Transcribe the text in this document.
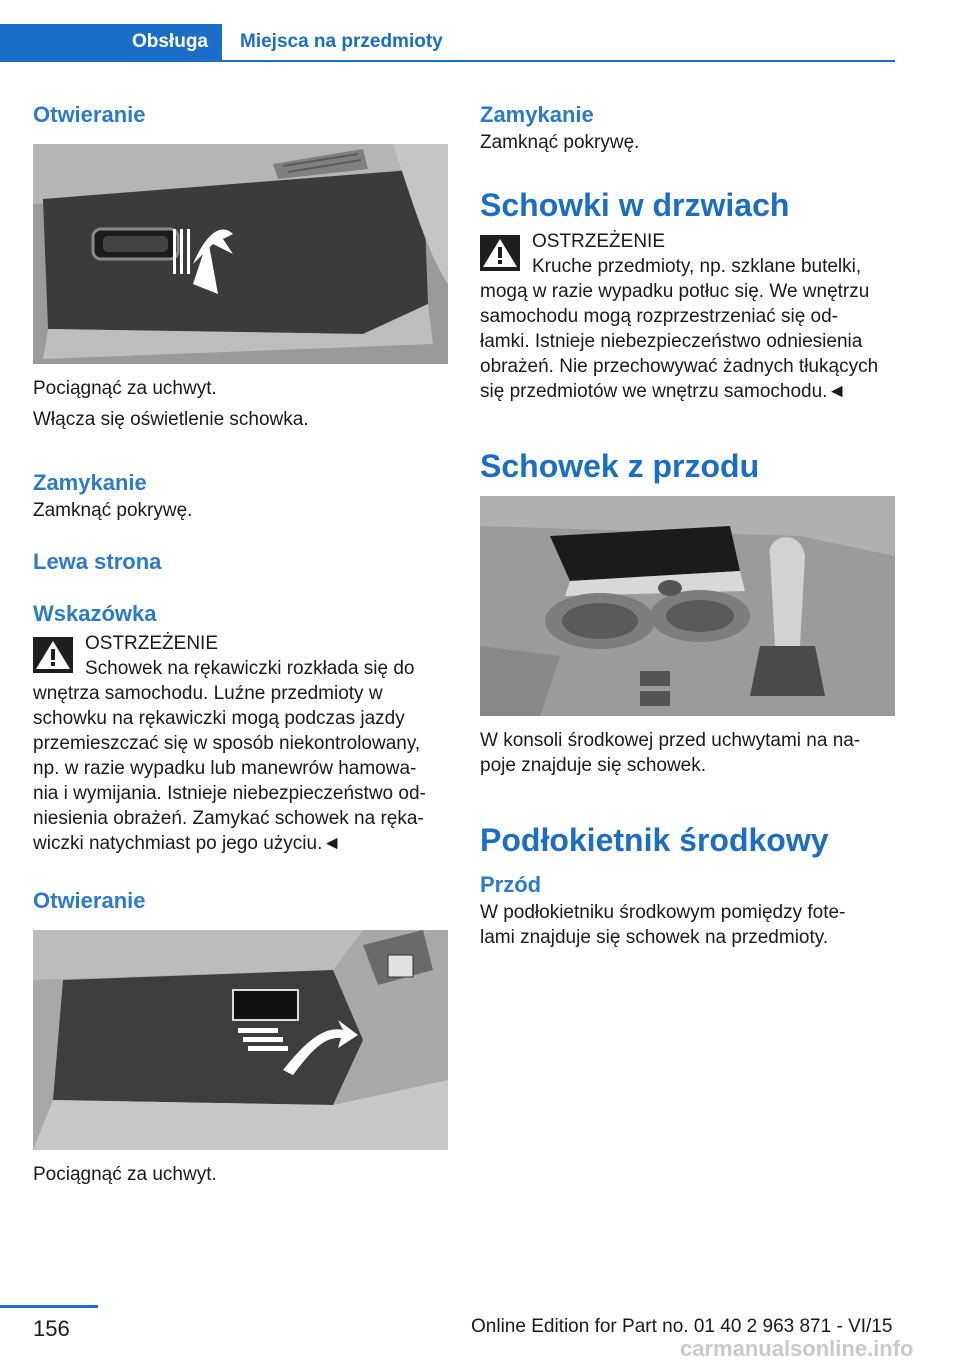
Obsługa	Miejsca na przedmioty

Otwieranie

Pociągnąć za uchwyt.

Włącza się oświetlenie schowka.

Zamykanie

Zamknąć pokrywę.

Lewa strona

Wskazówka

OSTRZEŻENIE

Schowek na rękawiczki rozkłada się do

wnętrza samochodu. Luźne przedmioty w

schowku na rękawiczki mogą podczas jazdy

przemieszczać się w sposób niekontrolowany,

np. w razie wypadku lub manewrów hamowa-

nia i wymijania. Istnieje niebezpieczeństwo od-

niesienia obrażeń. Zamykać schowek na ręka-

wiczki natychmiast po jego użyciu.◄

Otwieranie

Pociągnąć za uchwyt.

Zamykanie

Zamknąć pokrywę.

Schowki w drzwiach

OSTRZEŻENIE

Kruche przedmioty, np. szklane butelki,

mogą w razie wypadku potłuc się. We wnętrzu

samochodu mogą rozprzestrzeniać się od-

łamki. Istnieje niebezpieczeństwo odniesienia

obrażeń. Nie przechowywać żadnych tłukących

się przedmiotów we wnętrzu samochodu.◄

Schowek z przodu

W konsoli środkowej przed uchwytami na na-

poje znajduje się schowek.

Podłokietnik środkowy

Przód

W podłokietniku środkowym pomiędzy fote-

lami znajduje się schowek na przedmioty.

156	Online Edition for Part no. 01 40 2 963 871 - VI/15
carmanualsonline.info
